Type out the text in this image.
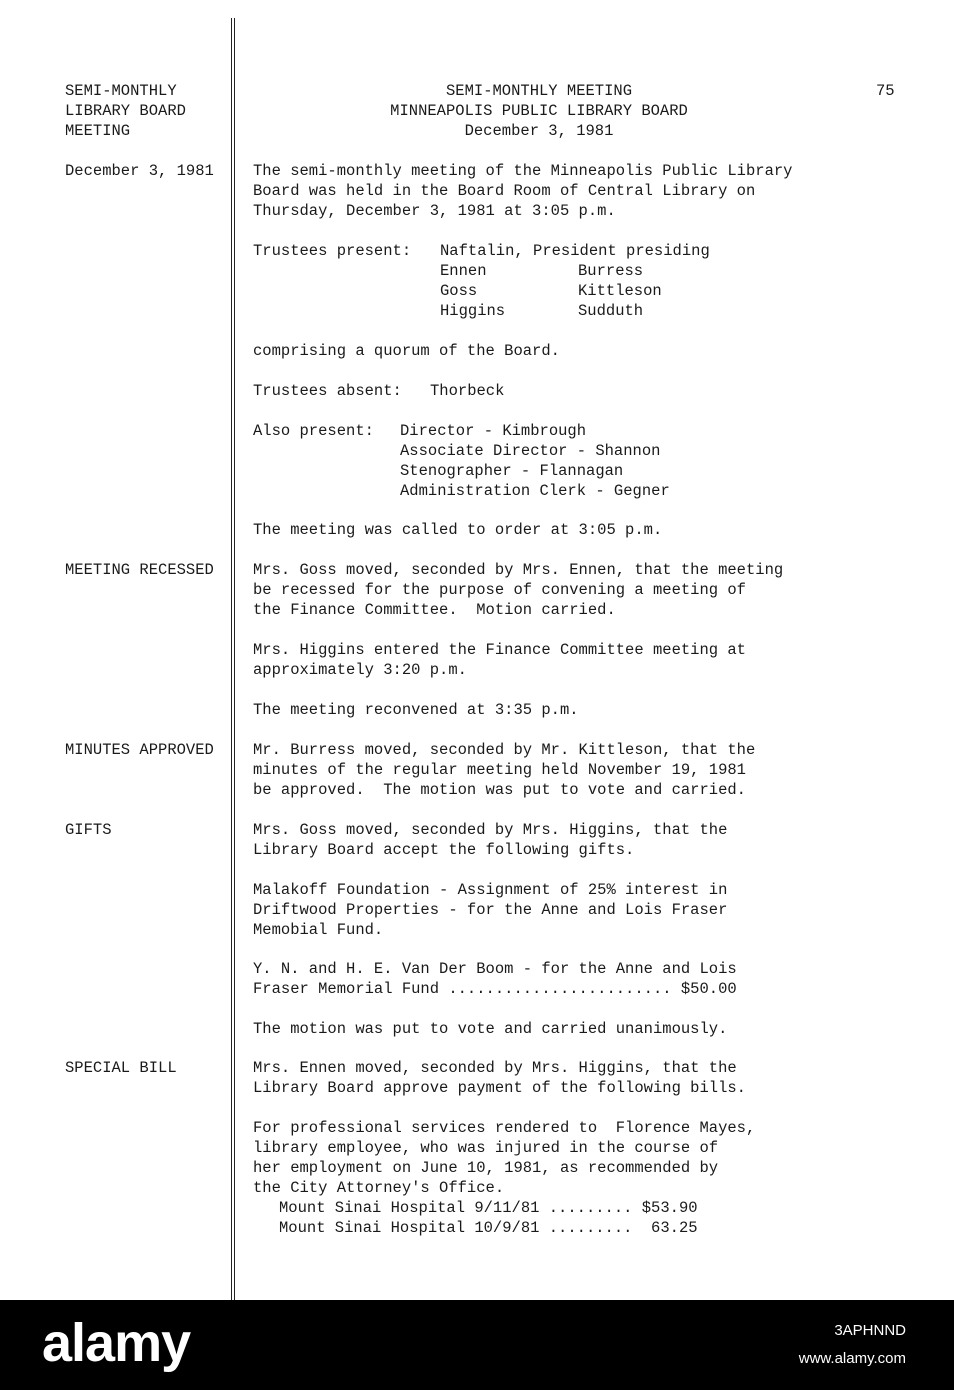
75
SEMI-MONTHLY
LIBRARY BOARD
MEETING
December 3, 1981
SEMI-MONTHLY MEETING
MINNEAPOLIS PUBLIC LIBRARY BOARD
December 3, 1981
The semi-monthly meeting of the Minneapolis Public Library
Board was held in the Board Room of Central Library on
Thursday, December 3, 1981 at 3:05 p.m.
Trustees present: Naftalin, President presiding
Ennen	Burress
Goss	Kittleson
Higgins	Sudduth
comprising a quorum of the Board.
Trustees absent: Thorbeck
Also present: Director - Kimbrough
Associate Director - Shannon
Stenographer - Flannagan
Administration Clerk - Gegner
The meeting was called to order at 3:05 p.m.
MEETING RECESSED	Mrs. Goss moved, seconded by Mrs. Ennen, that the meeting
be recessed for the purpose of convening a meeting of
the Finance Committee.  Motion carried.
Mrs. Higgins entered the Finance Committee meeting at
approximately 3:20 p.m.
The meeting reconvened at 3:35 p.m.
MINUTES APPROVED	Mr. Burress moved, seconded by Mr. Kittleson, that the
minutes of the regular meeting held November 19, 1981
be approved.  The motion was put to vote and carried.
GIFTS	Mrs. Goss moved, seconded by Mrs. Higgins, that the
Library Board accept the following gifts.
Malakoff Foundation - Assignment of 25% interest in
Driftwood Properties - for the Anne and Lois Fraser
Memobial Fund.
Y. N. and H. E. Van Der Boom - for the Anne and Lois
Fraser Memorial Fund ........................ $50.00
The motion was put to vote and carried unanimously.
SPECIAL BILL	Mrs. Ennen moved, seconded by Mrs. Higgins, that the
Library Board approve payment of the following bills.
For professional services rendered to  Florence Mayes,
library employee, who was injured in the course of
her employment on June 10, 1981, as recommended by
the City Attorney's Office.
Mount Sinai Hospital 9/11/81 ......... $53.90
Mount Sinai Hospital 10/9/81 .........  63.25
alamy	3APHNND
www.alamy.com
